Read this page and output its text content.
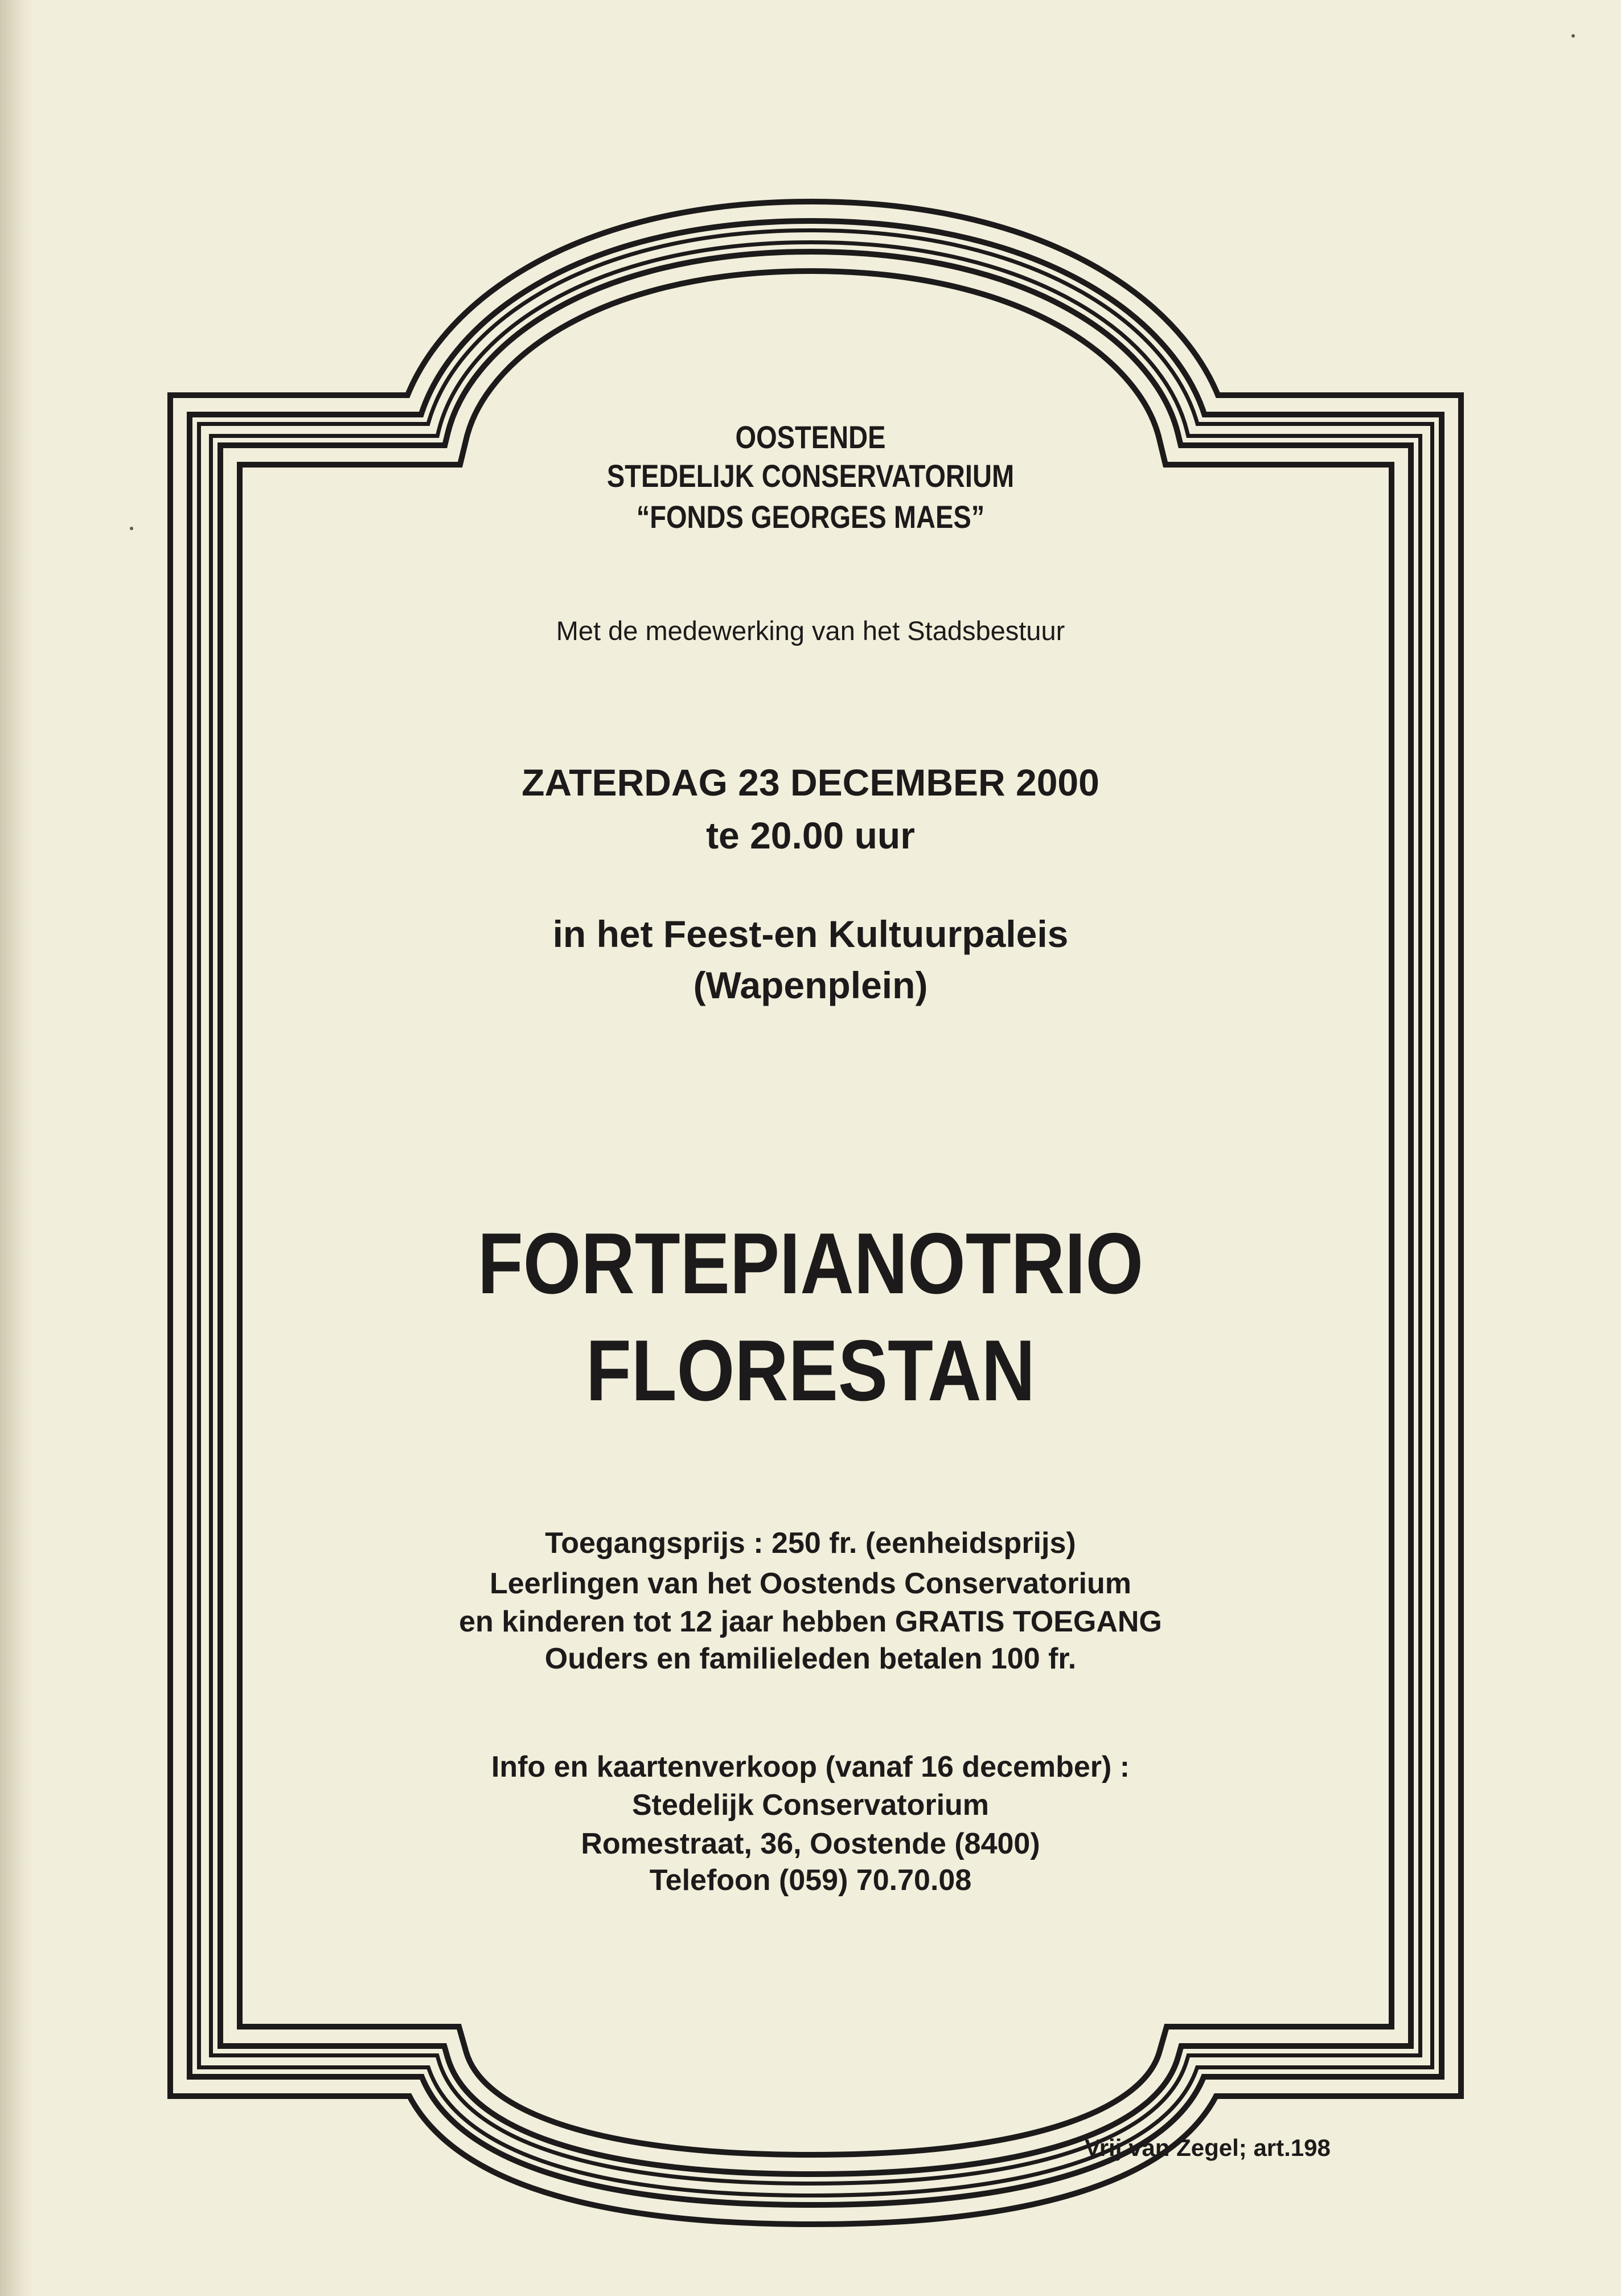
OOSTENDE

STEDELIJK CONSERVATORIUM

“FONDS GEORGES MAES”

Met de medewerking van het Stadsbestuur

ZATERDAG 23 DECEMBER 2000

te 20.00 uur

in het Feest-en Kultuurpaleis

(Wapenplein)

FORTEPIANOTRIO

FLORESTAN

Toegangsprijs : 250 fr. (eenheidsprijs)

Leerlingen van het Oostends Conservatorium

en kinderen tot 12 jaar hebben GRATIS TOEGANG

Ouders en familieleden betalen 100 fr.

Info en kaartenverkoop (vanaf 16 december) :

Stedelijk Conservatorium

Romestraat, 36, Oostende (8400)

Telefoon (059) 70.70.08

Vrij van Zegel; art.198
